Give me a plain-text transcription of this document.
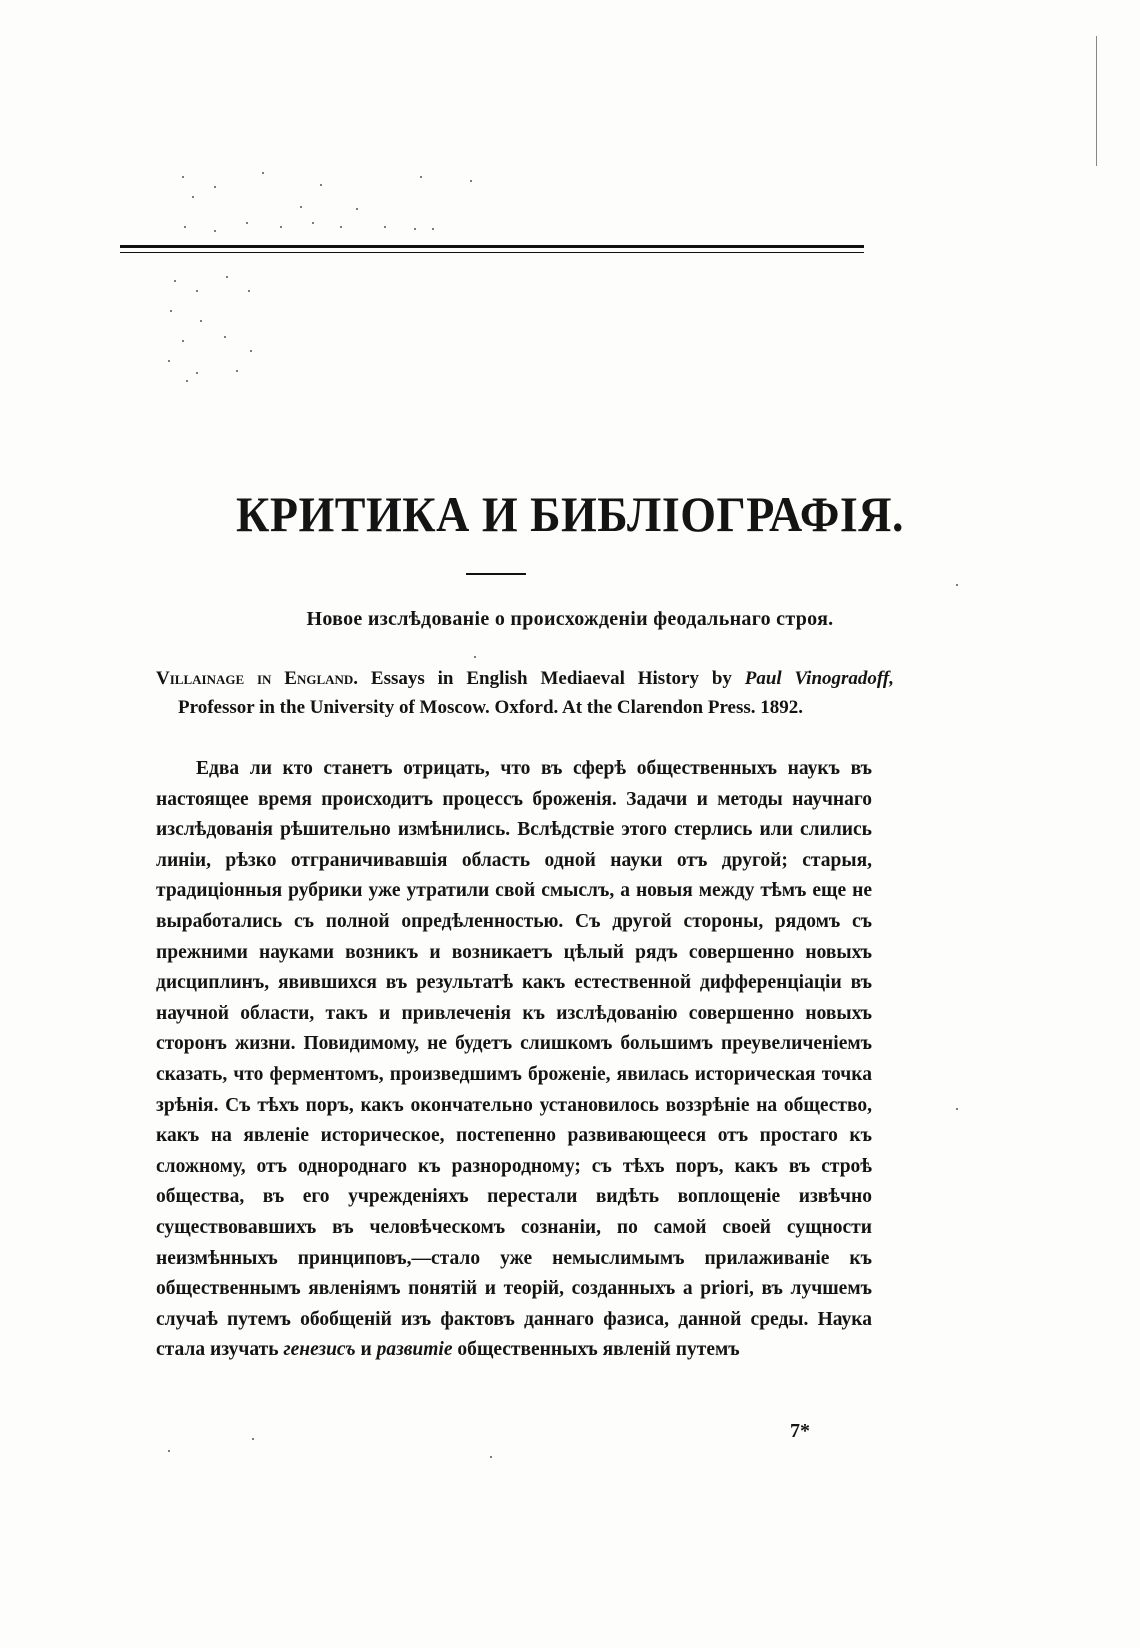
КРИТИКА И БИБЛІОГРАФІЯ.
Новое изслѣдованіе о происхожденіи феодальнаго строя.
Villainage in England. Essays in English Mediaeval History by Paul Vinogradoff, Professor in the University of Moscow. Oxford. At the Clarendon Press. 1892.

Едва ли кто станетъ отрицать, что въ сферѣ общественныхъ наукъ въ настоящее время происходитъ процессъ броженія. Задачи и методы научнаго изслѣдованія рѣшительно измѣнились. Вслѣдствіе этого стерлись или слились линіи, рѣзко отграничивавшія область одной науки отъ другой; старыя, традиціонныя рубрики уже утратили свой смыслъ, а новыя между тѣмъ еще не выработались съ полной опредѣленностью. Съ другой стороны, рядомъ съ прежними науками возникъ и возникаетъ цѣлый рядъ совершенно новыхъ дисциплинъ, явившихся въ результатѣ какъ естественной дифференціаціи въ научной области, такъ и привлеченія къ изслѣдованію совершенно новыхъ сторонъ жизни. Повидимому, не будетъ слишкомъ большимъ преувеличеніемъ сказать, что ферментомъ, произведшимъ броженіе, явилась историческая точка зрѣнія. Съ тѣхъ поръ, какъ окончательно установилось воззрѣніе на общество, какъ на явленіе историческое, постепенно развивающееся отъ простаго къ сложному, отъ однороднаго къ разнородному; съ тѣхъ поръ, какъ въ строѣ общества, въ его учрежденіяхъ перестали видѣть воплощеніе извѣчно существовавшихъ въ человѣческомъ сознаніи, по самой своей сущности неизмѣнныхъ принциповъ,—стало уже немыслимымъ прилаживаніе къ общественнымъ явленіямъ понятій и теорій, созданныхъ a priori, въ лучшемъ случаѣ путемъ обобщеній изъ фактовъ даннаго фазиса, данной среды. Наука стала изучать генезисъ и развитіе общественныхъ явленій путемъ

7*
